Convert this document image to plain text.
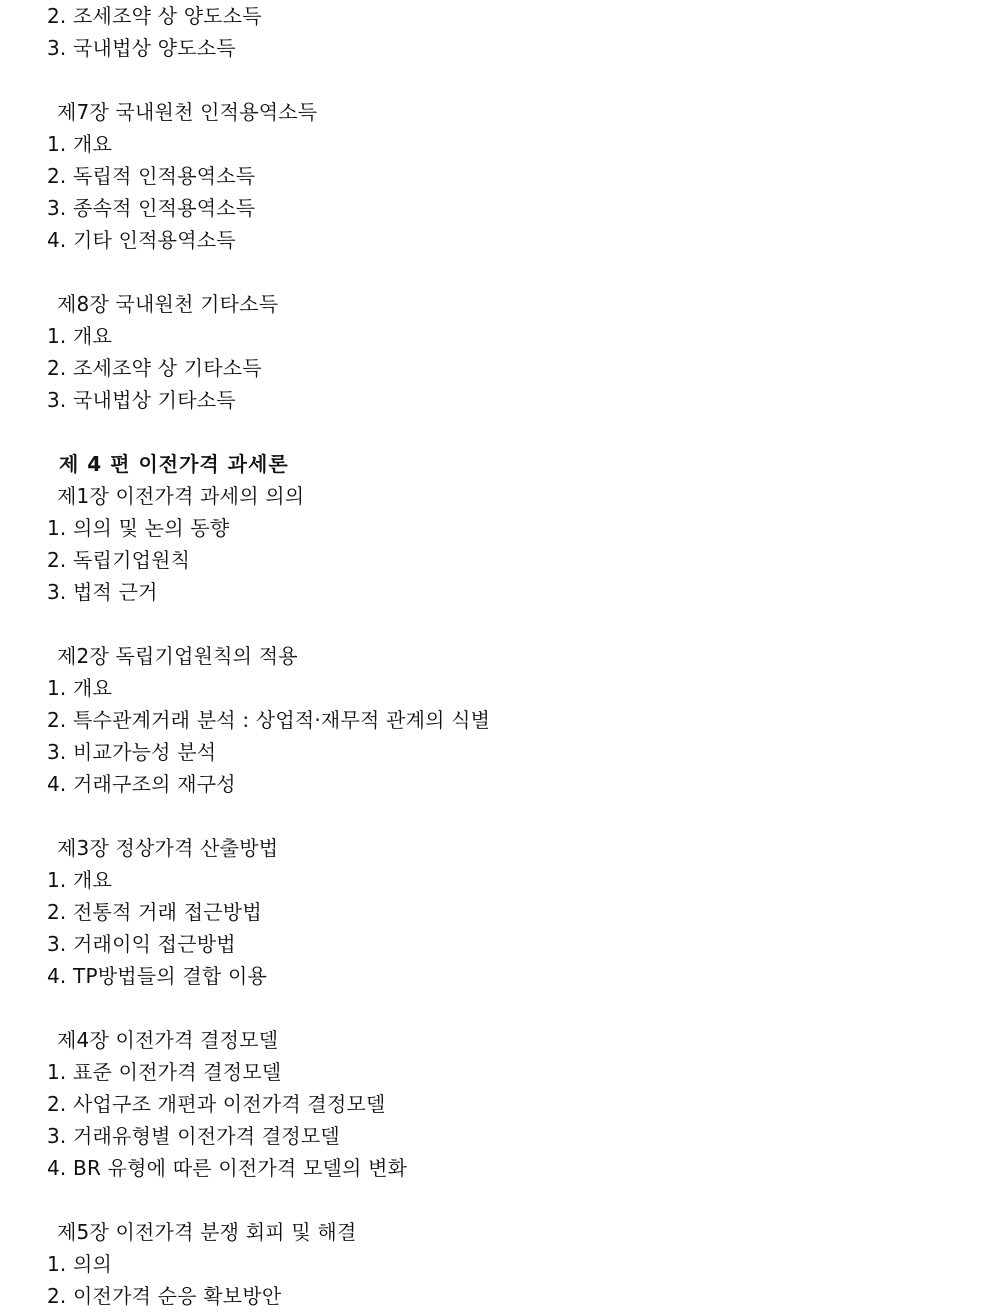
2. 조세조약 상 양도소득
3. 국내법상 양도소득
제7장 국내원천 인적용역소득
1. 개요
2. 독립적 인적용역소득
3. 종속적 인적용역소득
4. 기타 인적용역소득
제8장 국내원천 기타소득
1. 개요
2. 조세조약 상 기타소득
3. 국내법상 기타소득
제 4 편 이전가격 과세론
제1장 이전가격 과세의 의의
1. 의의 및 논의 동향
2. 독립기업원칙
3. 법적 근거
제2장 독립기업원칙의 적용
1. 개요
2. 특수관계거래 분석 : 상업적·재무적 관계의 식별
3. 비교가능성 분석
4. 거래구조의 재구성
제3장 정상가격 산출방법
1. 개요
2. 전통적 거래 접근방법
3. 거래이익 접근방법
4. TP방법들의 결합 이용
제4장 이전가격 결정모델
1. 표준 이전가격 결정모델
2. 사업구조 개편과 이전가격 결정모델
3. 거래유형별 이전가격 결정모델
4. BR 유형에 따른 이전가격 모델의 변화
제5장 이전가격 분쟁 회피 및 해결
1. 의의
2. 이전가격 순응 확보방안
